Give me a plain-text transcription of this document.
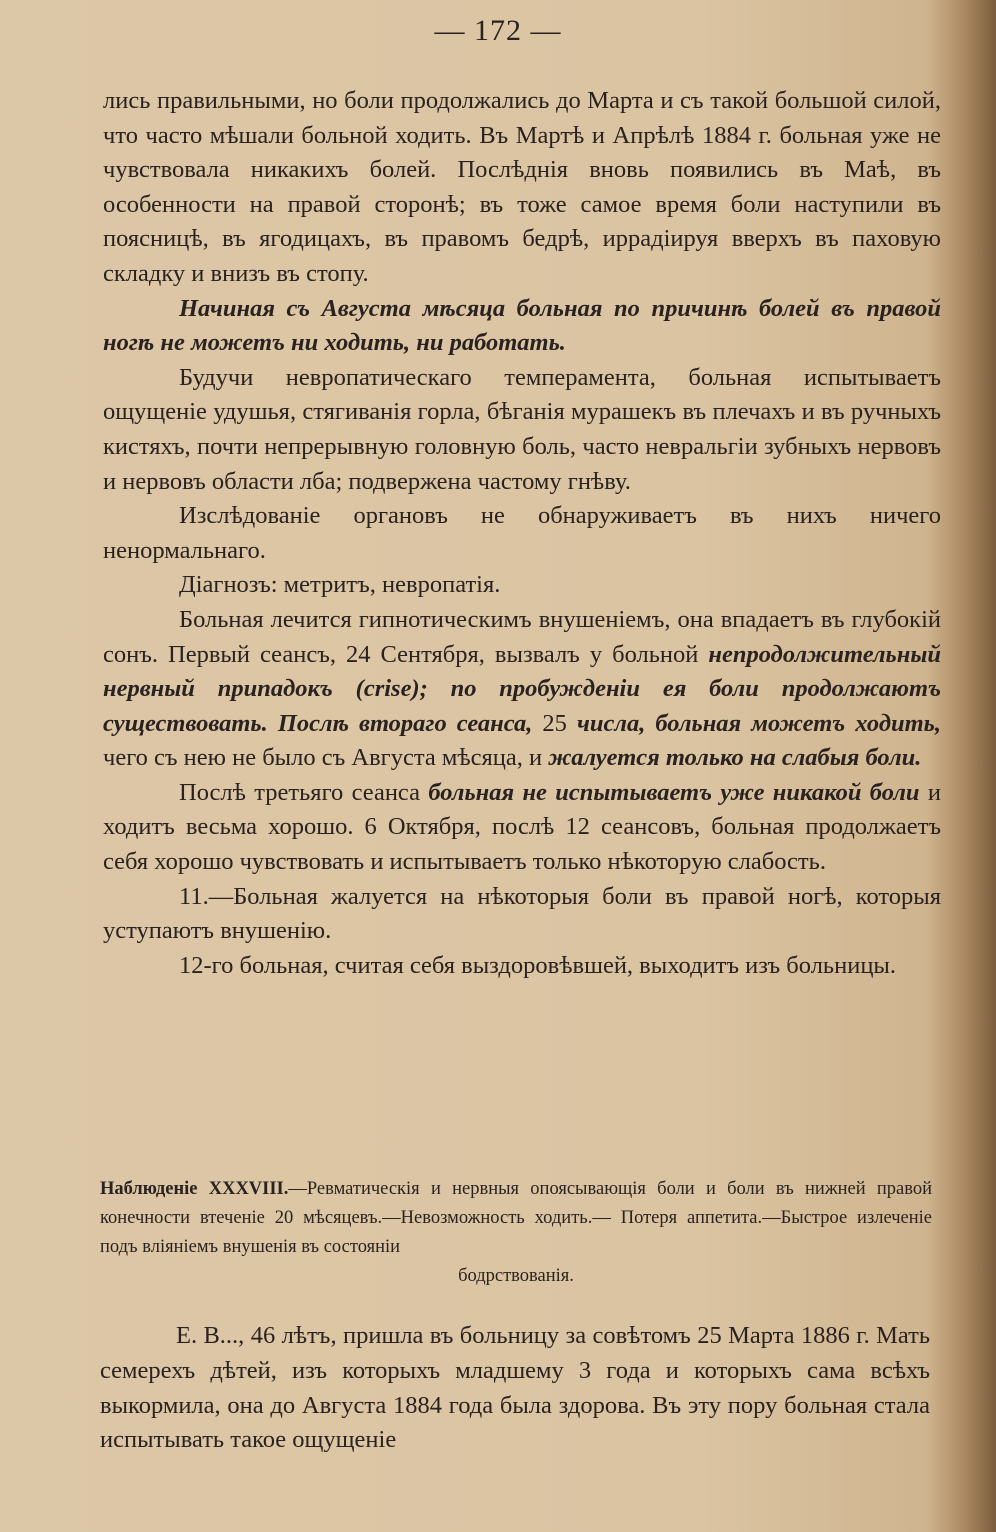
— 172 —

лись правильными, но боли продолжались до Марта и съ такой большой силой, что часто мѣшали больной ходить. Въ Мартѣ и Апрѣлѣ 1884 г. больная уже не чувствовала никакихъ болей. Послѣднія вновь появились въ Маѣ, въ особенности на правой сторонѣ; въ тоже самое время боли наступили въ поясницѣ, въ ягодицахъ, въ правомъ бедрѣ, иррадіируя вверхъ въ паховую складку и внизъ въ стопу.

Начиная съ Августа мѣсяца больная по причинѣ болей въ правой ногѣ не можетъ ни ходить, ни работать.

Будучи невропатическаго темперамента, больная испытываетъ ощущеніе удушья, стягиванія горла, бѣганія мурашекъ въ плечахъ и въ ручныхъ кистяхъ, почти непрерывную головную боль, часто невральгіи зубныхъ нервовъ и нервовъ области лба; подвержена частому гнѣву.

Изслѣдованіе органовъ не обнаруживаетъ въ нихъ ничего ненормальнаго.

Діагнозъ: метритъ, невропатія.

Больная лечится гипнотическимъ внушеніемъ, она впадаетъ въ глубокій сонъ. Первый сеансъ, 24 Сентября, вызвалъ у больной непродолжительный нервный припадокъ (crise); по пробужденіи ея боли продолжаютъ существовать. Послѣ втораго сеанса, 25 числа, больная можетъ ходить, чего съ нею не было съ Августа мѣсяца, и жалуется только на слабыя боли.

Послѣ третьяго сеанса больная не испытываетъ уже никакой боли и ходитъ весьма хорошо. 6 Октября, послѣ 12 сеансовъ, больная продолжаетъ себя хорошо чувствовать и испытываетъ только нѣкоторую слабость.

11.—Больная жалуется на нѣкоторыя боли въ правой ногѣ, которыя уступаютъ внушенію.

12-го больная, считая себя выздоровѣвшей, выходитъ изъ больницы.

Наблюденіе XXXVIII.—Ревматическія и нервныя опоясывающія боли и боли въ нижней правой конечности втеченіе 20 мѣсяцевъ.—Невозможность ходить.— Потеря аппетита.—Быстрое излеченіе подъ вліяніемъ внушенія въ состояніи
бодрствованія.

Е. В..., 46 лѣтъ, пришла въ больницу за совѣтомъ 25 Марта 1886 г. Мать семерехъ дѣтей, изъ которыхъ младшему 3 года и которыхъ сама всѣхъ выкормила, она до Августа 1884 года была здорова. Въ эту пору больная стала испытывать такое ощущеніе
